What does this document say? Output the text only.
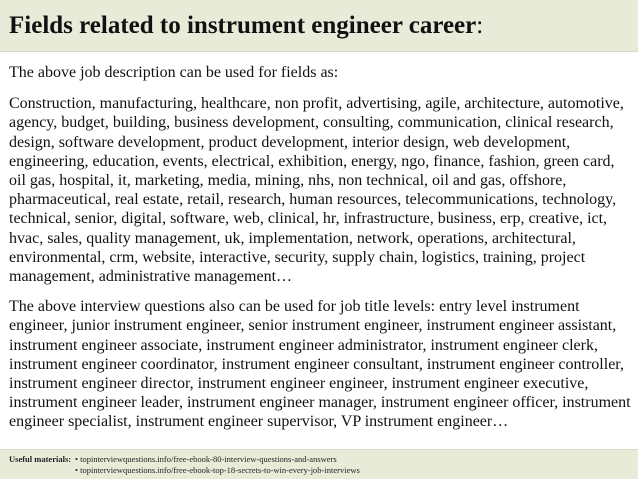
Fields related to instrument engineer career:

The above job description can be used for fields as:

Construction, manufacturing, healthcare, non profit, advertising, agile, architecture, automotive, agency, budget, building, business development, consulting, communication, clinical research, design, software development, product development, interior design, web development, engineering, education, events, electrical, exhibition, energy, ngo, finance, fashion, green card, oil gas, hospital, it, marketing, media, mining, nhs, non technical, oil and gas, offshore, pharmaceutical, real estate, retail, research, human resources, telecommunications, technology, technical, senior, digital, software, web, clinical, hr, infrastructure, business, erp, creative, ict, hvac, sales, quality management, uk, implementation, network, operations, architectural, environmental, crm, website, interactive, security, supply chain, logistics, training, project management, administrative management…

The above interview questions also can be used for job title levels: entry level instrument engineer, junior instrument engineer, senior instrument engineer, instrument engineer assistant, instrument engineer associate, instrument engineer administrator, instrument engineer clerk, instrument engineer coordinator, instrument engineer consultant, instrument engineer controller, instrument engineer director, instrument engineer engineer, instrument engineer executive, instrument engineer leader, instrument engineer manager, instrument engineer officer, instrument engineer specialist, instrument engineer supervisor, VP instrument engineer…

Useful materials: • topinterviewquestions.info/free-ebook-80-interview-questions-and-answers
• topinterviewquestions.info/free-ebook-top-18-secrets-to-win-every-job-interviews
